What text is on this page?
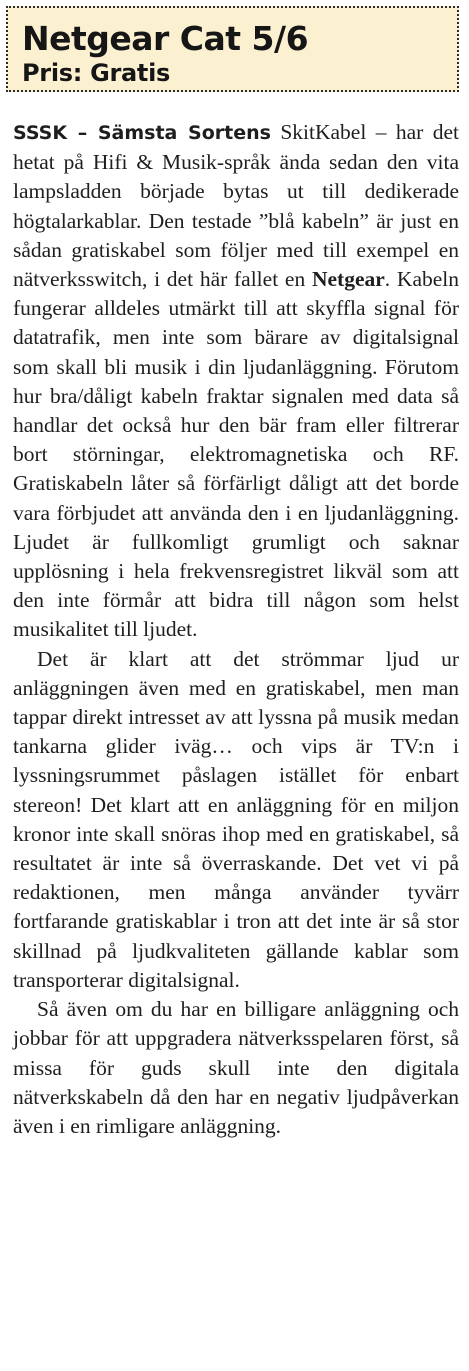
Netgear Cat 5/6
Pris: Gratis

SSSK – Sämsta Sortens SkitKabel – har det hetat på Hifi & Musik-språk ända sedan den vita lampsladden började bytas ut till dedikerade högtalarkablar. Den testade ”blå kabeln” är just en sådan gratiskabel som följer med till exempel en nätverksswitch, i det här fallet en Netgear. Kabeln fungerar alldeles utmärkt till att skyffla signal för datatrafik, men inte som bärare av digitalsignal som skall bli musik i din ljudanläggning. Förutom hur bra/dåligt kabeln fraktar signalen med data så handlar det också hur den bär fram eller filtrerar bort störningar, elektromagnetiska och RF. Gratiskabeln låter så förfärligt dåligt att det borde vara förbjudet att använda den i en ljudanläggning. Ljudet är fullkomligt grumligt och saknar upplösning i hela frekvensregistret likväl som att den inte förmår att bidra till någon som helst musikalitet till ljudet.

Det är klart att det strömmar ljud ur anläggningen även med en gratiskabel, men man tappar direkt intresset av att lyssna på musik medan tankarna glider iväg… och vips är TV:n i lyssningsrummet påslagen istället för enbart stereon! Det klart att en anläggning för en miljon kronor inte skall snöras ihop med en gratiskabel, så resultatet är inte så överraskande. Det vet vi på redaktionen, men många använder tyvärr fortfarande gratiskablar i tron att det inte är så stor skillnad på ljudkvaliteten gällande kablar som transporterar digitalsignal.

Så även om du har en billigare anläggning och jobbar för att uppgradera nätverksspelaren först, så missa för guds skull inte den digitala nätverkskabeln då den har en negativ ljudpåverkan även i en rimligare anläggning.
